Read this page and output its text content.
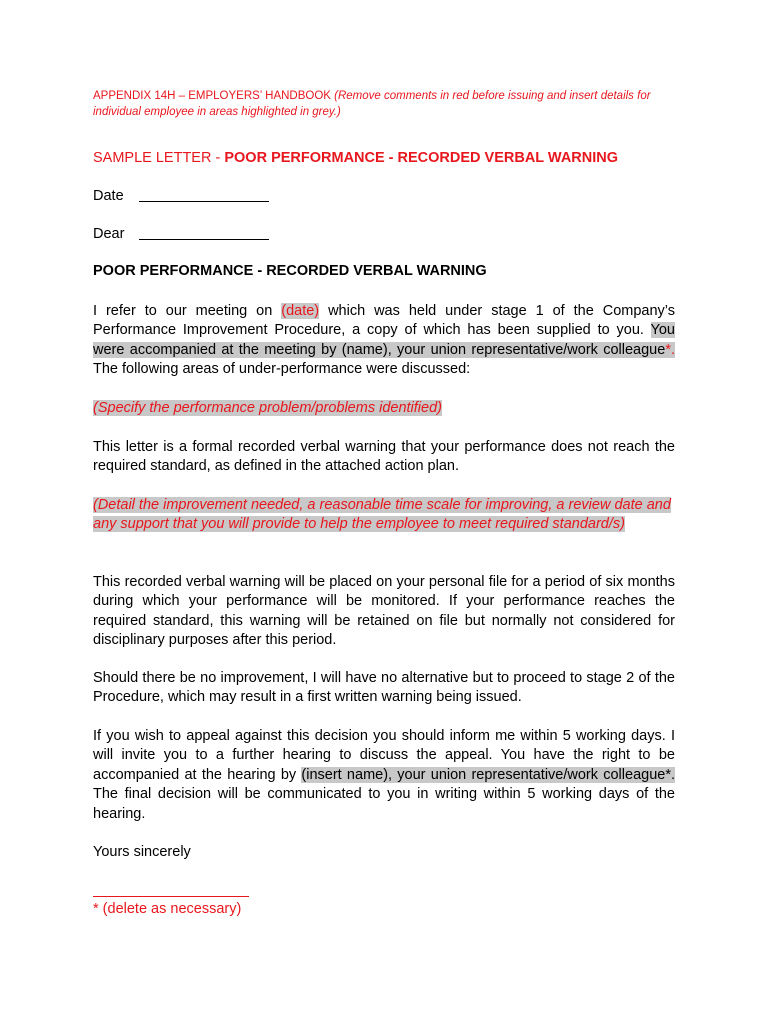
APPENDIX 14H – EMPLOYERS’ HANDBOOK (Remove comments in red before issuing and insert details for individual employee in areas highlighted in grey.)
SAMPLE LETTER - POOR PERFORMANCE - RECORDED VERBAL WARNING
Date
Dear
POOR PERFORMANCE - RECORDED VERBAL WARNING
I refer to our meeting on (date) which was held under stage 1 of the Company’s Performance Improvement Procedure, a copy of which has been supplied to you. You were accompanied at the meeting by (name), your union representative/work colleague*. The following areas of under-performance were discussed:
(Specify the performance problem/problems identified)
This letter is a formal recorded verbal warning that your performance does not reach the required standard, as defined in the attached action plan.
(Detail the improvement needed, a reasonable time scale for improving, a review date and any support that you will provide to help the employee to meet required standard/s)
This recorded verbal warning will be placed on your personal file for a period of six months during which your performance will be monitored. If your performance reaches the required standard, this warning will be retained on file but normally not considered for disciplinary purposes after this period.
Should there be no improvement, I will have no alternative but to proceed to stage 2 of the Procedure, which may result in a first written warning being issued.
If you wish to appeal against this decision you should inform me within 5 working days. I will invite you to a further hearing to discuss the appeal. You have the right to be accompanied at the hearing by (insert name), your union representative/work colleague*. The final decision will be communicated to you in writing within 5 working days of the hearing.
Yours sincerely
* (delete as necessary)
